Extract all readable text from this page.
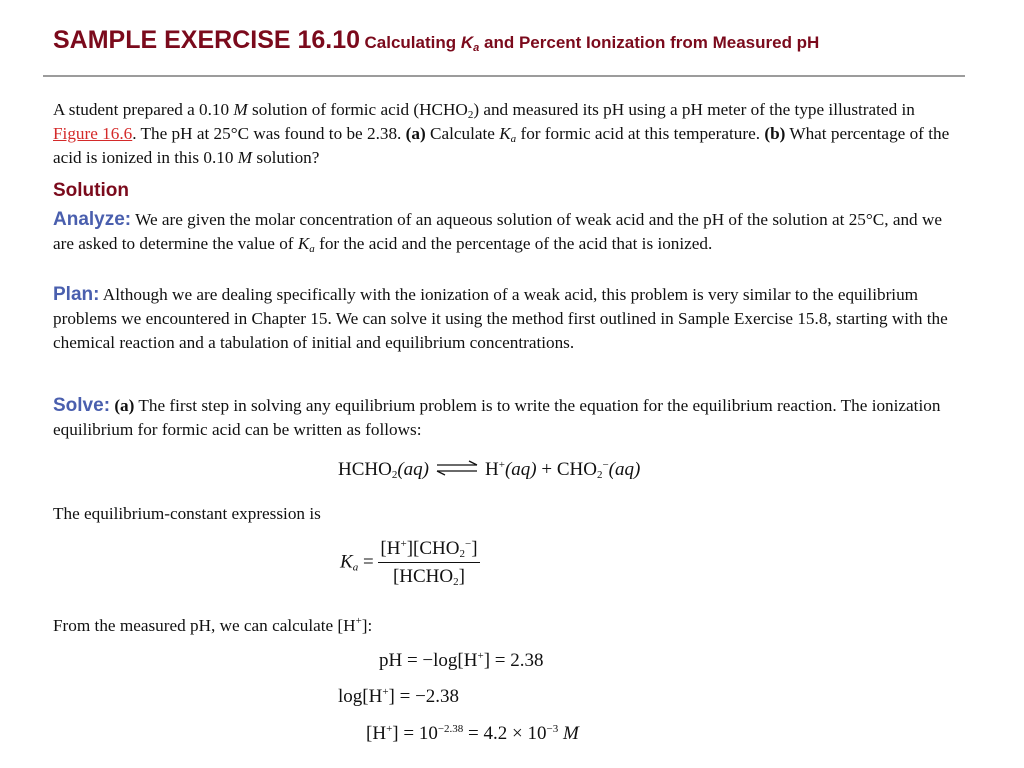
SAMPLE EXERCISE 16.10 Calculating $K_a$ and Percent Ionization from Measured pH

A student prepared a 0.10 M solution of formic acid $(HCHO_2)$ and measured its pH using a pH meter of the type illustrated in Figure 16.6. The pH at 25°C was found to be 2.38. (a) Calculate $K_a$ for formic acid at this temperature. (b) What percentage of the acid is ionized in this 0.10 M solution?

Solution

Analyze: We are given the molar concentration of an aqueous solution of weak acid and the pH of the solution at 25°C, and we are asked to determine the value of $K_a$ for the acid and the percentage of the acid that is ionized.

Plan: Although we are dealing specifically with the ionization of a weak acid, this problem is very similar to the equilibrium problems we encountered in Chapter 15. We can solve it using the method first outlined in Sample Exercise 15.8, starting with the chemical reaction and a tabulation of initial and equilibrium concentrations.

Solve: (a) The first step in solving any equilibrium problem is to write the equation for the equilibrium reaction. The ionization equilibrium for formic acid can be written as follows:

$HCHO_2(aq)$ ⇌ $H^+(aq) + CHO_2^-(aq)$

The equilibrium-constant expression is

$K_a = \frac{[H^+][CHO_2^-]}{[HCHO_2]}$

From the measured pH, we can calculate [H+]:

pH = −log[H+] = 2.38
log[H+] = −2.38
$[H^+] = 10^{-2.38} = 4.2 \times 10^{-3}$ M
